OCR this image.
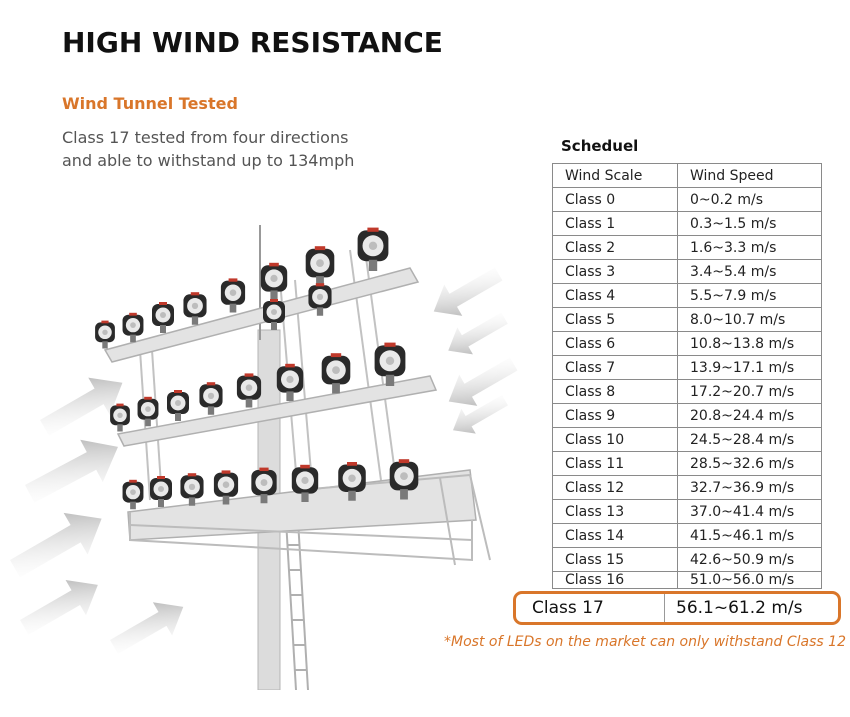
HIGH WIND RESISTANCE
Wind Tunnel Tested
Class 17 tested from four directions
and able to withstand up to 134mph
Scheduel
Wind Scale	Wind Speed
Class 0	0~0.2 m/s
Class 1	0.3~1.5 m/s
Class 2	1.6~3.3 m/s
Class 3	3.4~5.4 m/s
Class 4	5.5~7.9 m/s
Class 5	8.0~10.7 m/s
Class 6	10.8~13.8 m/s
Class 7	13.9~17.1 m/s
Class 8	17.2~20.7 m/s
Class 9	20.8~24.4 m/s
Class 10	24.5~28.4 m/s
Class 11	28.5~32.6 m/s
Class 12	32.7~36.9 m/s
Class 13	37.0~41.4 m/s
Class 14	41.5~46.1 m/s
Class 15	42.6~50.9 m/s
Class 16	51.0~56.0 m/s
Class 17	56.1~61.2 m/s
*Most of LEDs on the market can only withstand Class 12
